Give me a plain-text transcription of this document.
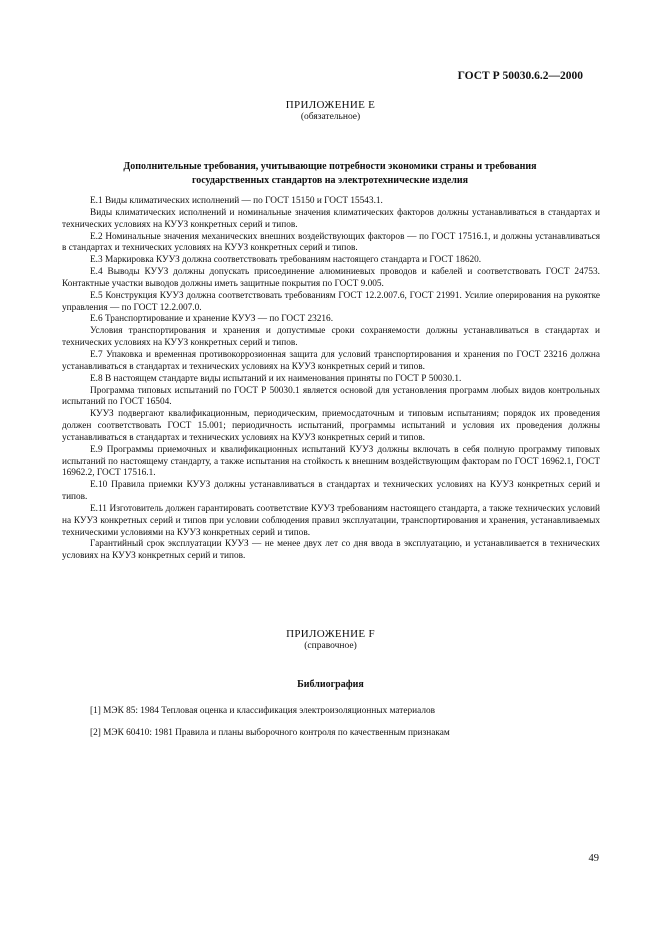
ГОСТ Р 50030.6.2—2000
ПРИЛОЖЕНИЕ Е
(обязательное)
Дополнительные требования, учитывающие потребности экономики страны и требования
государственных стандартов на электротехнические изделия

Е.1 Виды климатических исполнений — по ГОСТ 15150 и ГОСТ 15543.1.

Виды климатических исполнений и номинальные значения климатических факторов должны устанавливаться в стандартах и технических условиях на КУУЗ конкретных серий и типов.

Е.2 Номинальные значения механических внешних воздействующих факторов — по ГОСТ 17516.1, и должны устанавливаться в стандартах и технических условиях на КУУЗ конкретных серий и типов.

Е.3 Маркировка КУУЗ должна соответствовать требованиям настоящего стандарта и ГОСТ 18620.

Е.4 Выводы КУУЗ должны допускать присоединение алюминиевых проводов и кабелей и соответствовать ГОСТ 24753. Контактные участки выводов должны иметь защитные покрытия по ГОСТ 9.005.

Е.5 Конструкция КУУЗ должна соответствовать требованиям ГОСТ 12.2.007.6, ГОСТ 21991. Усилие оперирования на рукоятке управления — по ГОСТ 12.2.007.0.

Е.6 Транспортирование и хранение КУУЗ — по ГОСТ 23216.

Условия транспортирования и хранения и допустимые сроки сохраняемости должны устанавливаться в стандартах и технических условиях на КУУЗ конкретных серий и типов.

Е.7 Упаковка и временная противокоррозионная защита для условий транспортирования и хранения по ГОСТ 23216 должна устанавливаться в стандартах и технических условиях на КУУЗ конкретных серий и типов.

Е.8 В настоящем стандарте виды испытаний и их наименования приняты по ГОСТ Р 50030.1.

Программа типовых испытаний по ГОСТ Р 50030.1 является основой для установления программ любых видов контрольных испытаний по ГОСТ 16504.

КУУЗ подвергают квалификационным, периодическим, приемосдаточным и типовым испытаниям; порядок их проведения должен соответствовать ГОСТ 15.001; периодичность испытаний, программы испытаний и условия их проведения должны устанавливаться в стандартах и технических условиях на КУУЗ конкретных серий и типов.

Е.9 Программы приемочных и квалификационных испытаний КУУЗ должны включать в себя полную программу типовых испытаний по настоящему стандарту, а также испытания на стойкость к внешним воздействующим факторам по ГОСТ 16962.1, ГОСТ 16962.2, ГОСТ 17516.1.

Е.10 Правила приемки КУУЗ должны устанавливаться в стандартах и технических условиях на КУУЗ конкретных серий и типов.

Е.11 Изготовитель должен гарантировать соответствие КУУЗ требованиям настоящего стандарта, а также технических условий на КУУЗ конкретных серий и типов при условии соблюдения правил эксплуатации, транспортирования и хранения, устанавливаемых техническими условиями на КУУЗ конкретных серий и типов.

Гарантийный срок эксплуатации КУУЗ — не менее двух лет со дня ввода в эксплуатацию, и устанавливается в технических условиях на КУУЗ конкретных серий и типов.

ПРИЛОЖЕНИЕ F
(справочное)
Библиография
[1] МЭК 85: 1984 Тепловая оценка и классификация электроизоляционных материалов
[2] МЭК 60410: 1981 Правила и планы выборочного контроля по качественным признакам
49
